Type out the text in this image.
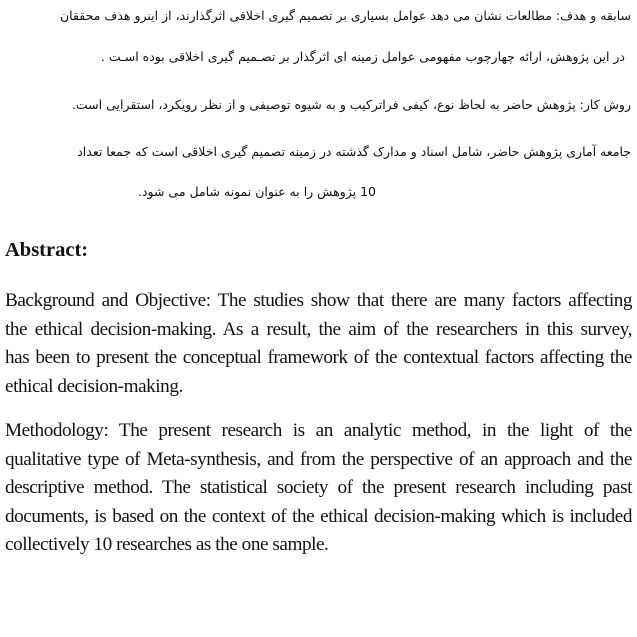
سابقه و هدف: مطالعات نشان می دهد عوامل بسیاری بر تصمیم گیری اخلاقی اثرگذارند، از اینرو هدف محققان
در این پژوهش، ارائه چهارچوب مفهومی عوامل زمینه ای اثرگذار بر تصـمیم گیری اخلاقی بوده اسـت .
روش کار: پژوهش حاضر به لحاظ نوع، کیفی فراترکیب و به شیوه توصیفی و از نظر رویکرد، استقرایی است.
جامعه آماری پژوهش حاضر، شامل اسناد و مدارک گذشته در زمینه تصمیم گیری اخلاقی است که جمعا تعداد
10 پژوهش را به عنوان نمونه شامل می شود.
Abstract:
Background and Objective: The studies show that there are many factors affecting
the ethical decision-making. As a result, the aim of the researchers in this survey,
has been to present the conceptual framework of the contextual factors affecting the
ethical decision-making.
Methodology: The present research is an analytic method, in the light of the
qualitative type of Meta-synthesis, and from the perspective of an approach and the
descriptive method. The statistical society of the present research including past
documents, is based on the context of the ethical decision-making which is included
collectively 10 researches as the one sample.
